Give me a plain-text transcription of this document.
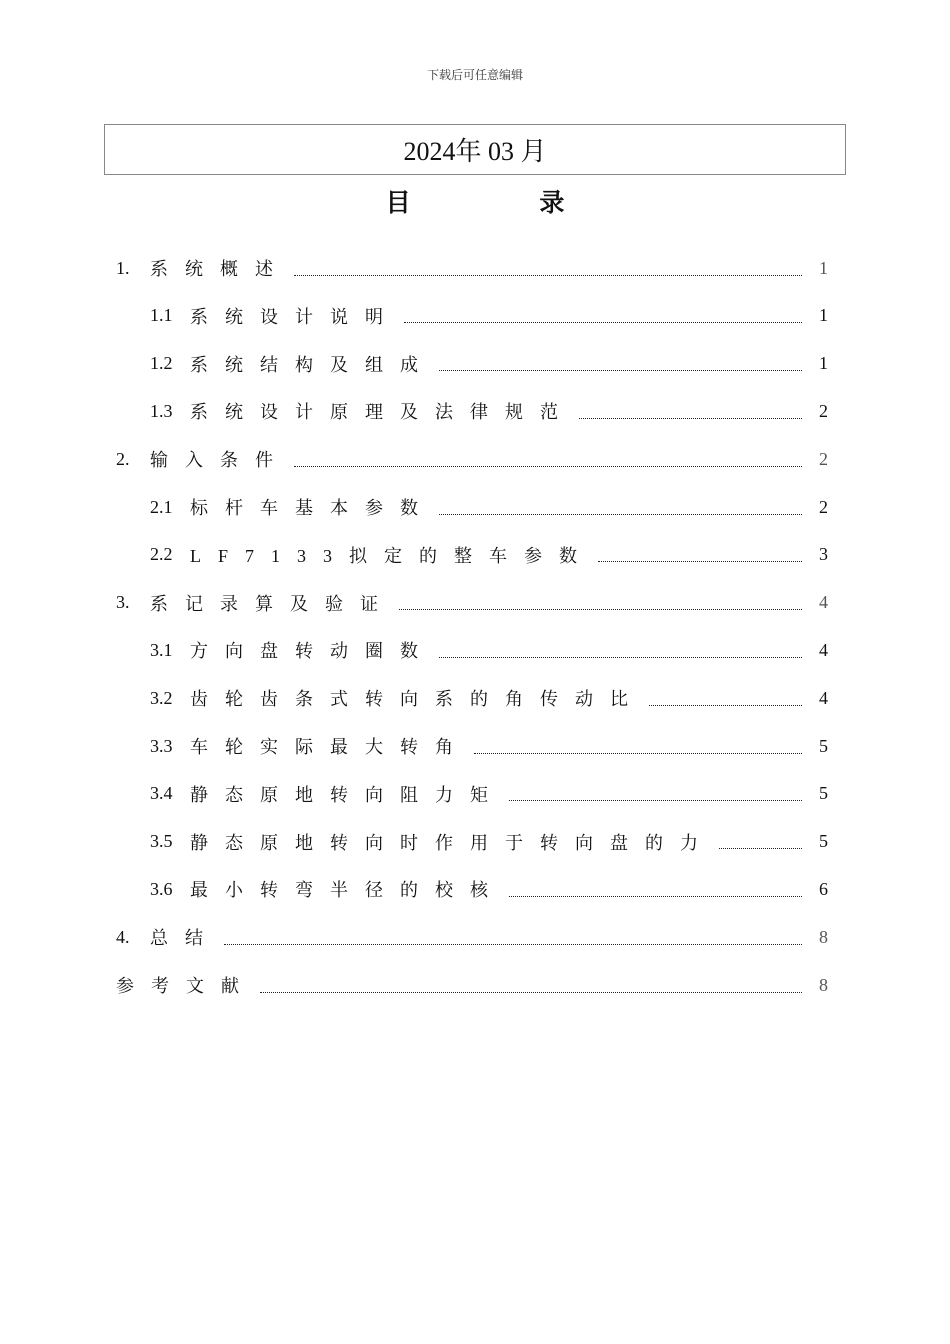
下载后可任意编辑
2024年 03 月
目 录
1.	系统概述	1
1.1 系统设计说明	1
1.2 系统结构及组成	1
1.3 系统设计原理及法律规范	2
2.	输入条件	2
2.1 标杆车基本参数	2
2.2 LF7133拟定的整车参数	3
3.	系记录算及验证	4
3.1 方向盘转动圈数	4
3.2 齿轮齿条式转向系的角传动比	4
3.3 车轮实际最大转角	5
3.4 静态原地转向阻力矩	5
3.5 静态原地转向时作用于转向盘的力	5
3.6 最小转弯半径的校核	6
4.	总结	8
参考文献	8
